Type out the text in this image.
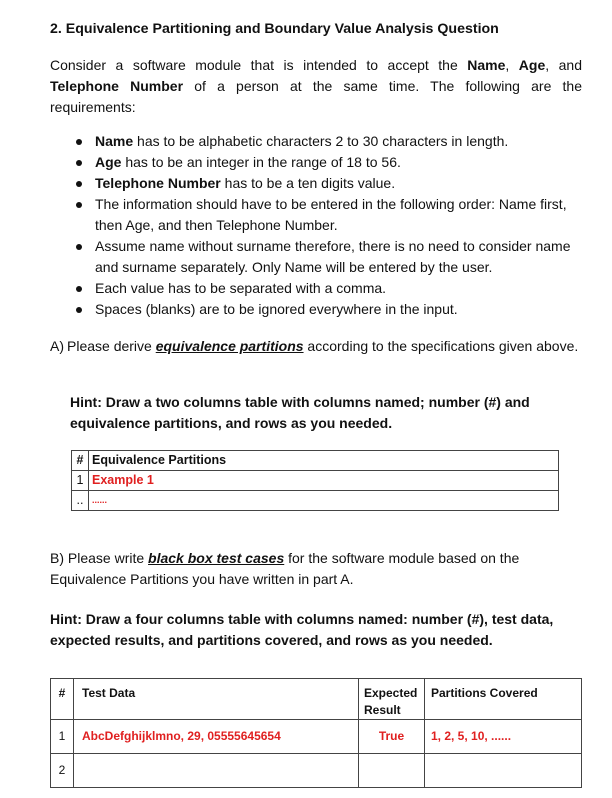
2. Equivalence Partitioning and Boundary Value Analysis Question
Consider a software module that is intended to accept the Name, Age, and Telephone Number of a person at the same time. The following are the requirements:
Name has to be alphabetic characters 2 to 30 characters in length.
Age has to be an integer in the range of 18 to 56.
Telephone Number has to be a ten digits value.
The information should have to be entered in the following order: Name first, then Age, and then Telephone Number.
Assume name without surname therefore, there is no need to consider name and surname separately. Only Name will be entered by the user.
Each value has to be separated with a comma.
Spaces (blanks) are to be ignored everywhere in the input.
A) Please derive equivalence partitions according to the specifications given above.
Hint: Draw a two columns table with columns named; number (#) and equivalence partitions, and rows as you needed.
#	Equivalence Partitions
1	Example 1
..	......
B) Please write black box test cases for the software module based on the Equivalence Partitions you have written in part A.
Hint: Draw a four columns table with columns named: number (#), test data, expected results, and partitions covered, and rows as you needed.
#	Test Data	Expected Result	Partitions Covered
1	AbcDefghijklmno, 29, 05555645654	True	1, 2, 5, 10, ......
2			
